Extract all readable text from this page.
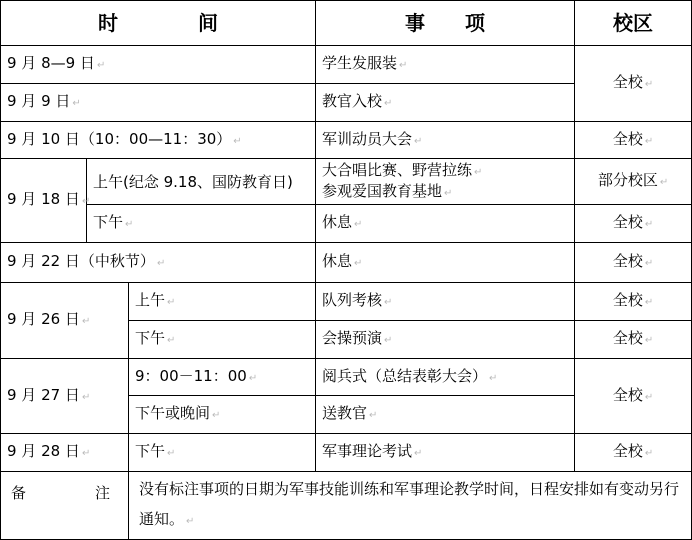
时　　　　间			事　　项	校区
9 月 8—9 日 ↵			学生发服装 ↵	全校 ↵
9 月 9 日 ↵			教官入校 ↵	
9 月 10 日（10：00—11：30） ↵			军训动员大会 ↵	全校 ↵
9 月 18 日 ↵	上午(纪念 9.18、国防教育日)		大合唱比赛、野营拉练 ↵
参观爱国教育基地 ↵	部分校区 ↵
	下午 ↵		休息 ↵	全校 ↵
9 月 22 日（中秋节） ↵			休息 ↵	全校 ↵
9 月 26 日 ↵		上午 ↵	队列考核 ↵	全校 ↵
		下午 ↵	会操预演 ↵	全校 ↵
9 月 27 日 ↵		9：00－11：00 ↵	阅兵式（总结表彰大会） ↵	全校 ↵
		下午或晚间 ↵	送教官 ↵	
9 月 28 日 ↵		下午 ↵	军事理论考试 ↵	全校 ↵

备 注		没有标注事项的日期为军事技能训练和军事理论教学时间，日程安排如有变动另行通知。 ↵		
